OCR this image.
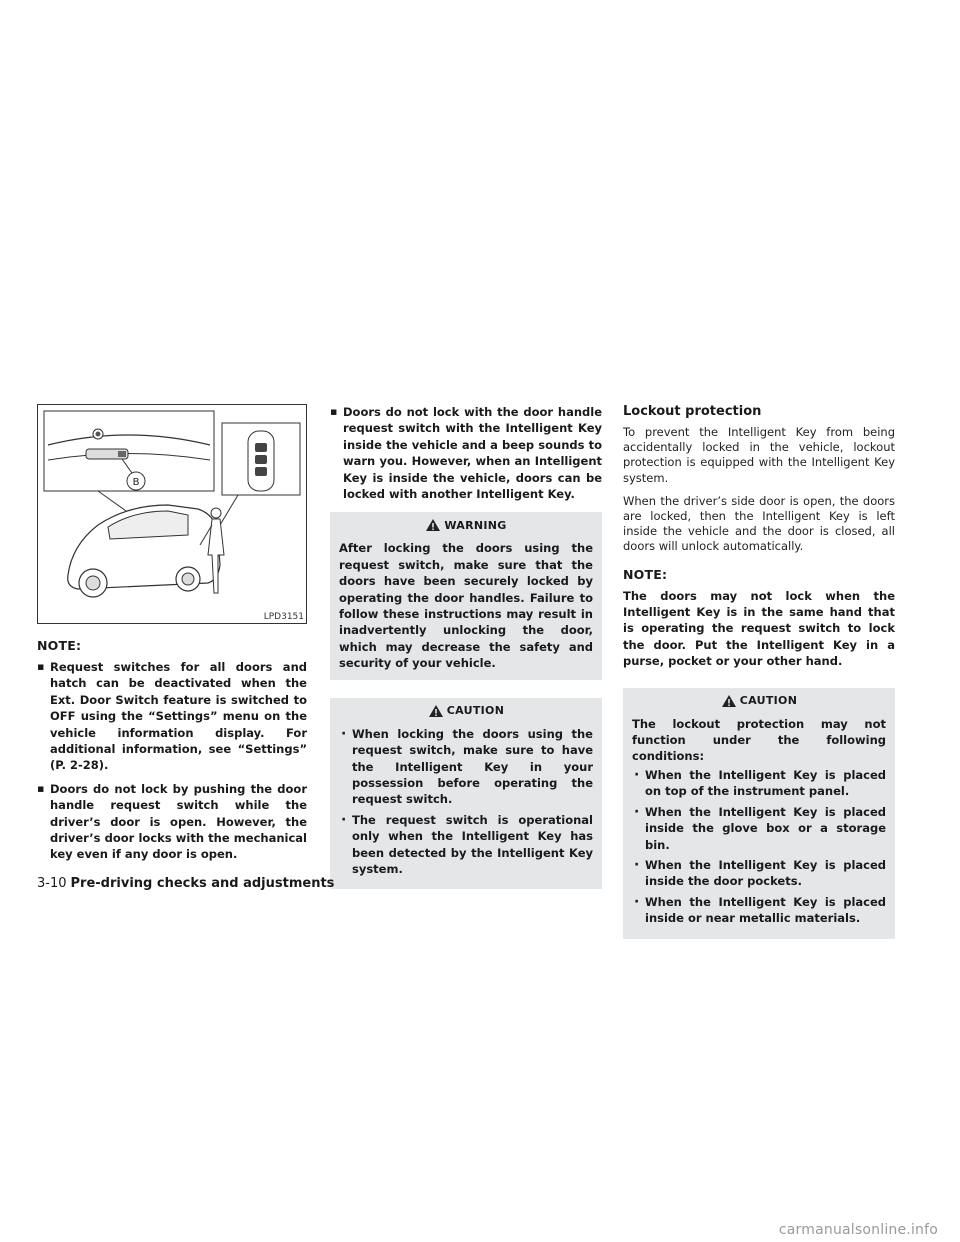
B
LPD3151
NOTE:
▪ Request switches for all doors and hatch can be deactivated when the Ext. Door Switch feature is switched to OFF using the “Settings” menu on the vehicle information display. For additional information, see “Settings” (P. 2-28).
▪ Doors do not lock by pushing the door handle request switch while the driver’s door is open. However, the driver’s door locks with the mechanical key even if any door is open.
▪ Doors do not lock with the door handle request switch with the Intelligent Key inside the vehicle and a beep sounds to warn you. However, when an Intelligent Key is inside the vehicle, doors can be locked with another Intelligent Key.
WARNING

After locking the doors using the request switch, make sure that the doors have been securely locked by operating the door handles. Failure to follow these instructions may result in inadvertently unlocking the door, which may decrease the safety and security of your vehicle.

CAUTION
· When locking the doors using the request switch, make sure to have the Intelligent Key in your possession before operating the request switch.
· The request switch is operational only when the Intelligent Key has been detected by the Intelligent Key system.
Lockout protection

To prevent the Intelligent Key from being accidentally locked in the vehicle, lockout protection is equipped with the Intelligent Key system.

When the driver’s side door is open, the doors are locked, then the Intelligent Key is left inside the vehicle and the door is closed, all doors will unlock automatically.

NOTE:

The doors may not lock when the Intelligent Key is in the same hand that is operating the request switch to lock the door. Put the Intelligent Key in a purse, pocket or your other hand.

CAUTION

The lockout protection may not function under the following conditions:

· When the Intelligent Key is placed on top of the instrument panel.
· When the Intelligent Key is placed inside the glove box or a storage bin.
· When the Intelligent Key is placed inside the door pockets.
· When the Intelligent Key is placed inside or near metallic materials.
3-10 Pre-driving checks and adjustments
carmanualsonline.info
